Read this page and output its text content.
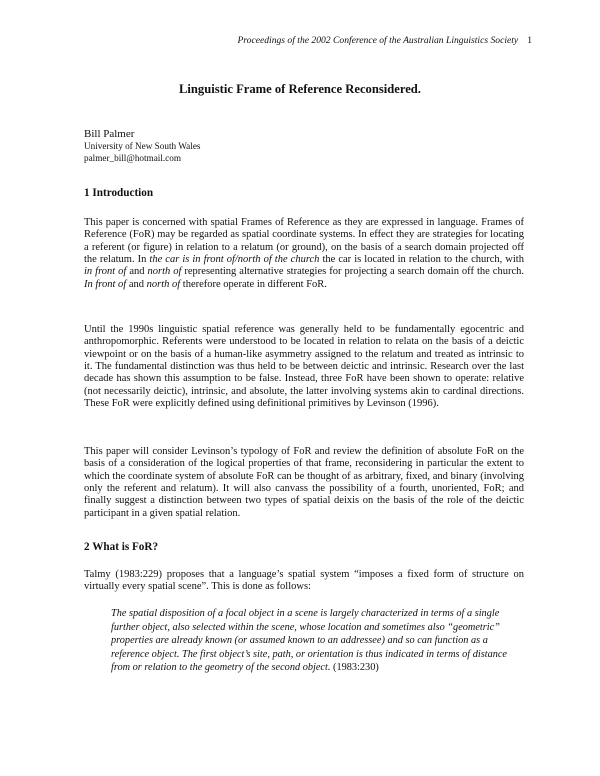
Proceedings of the 2002 Conference of the Australian Linguistics Society 1
Linguistic Frame of Reference Reconsidered.
Bill Palmer
University of New South Wales
palmer_bill@hotmail.com
1 Introduction

This paper is concerned with spatial Frames of Reference as they are expressed in language. Frames of Reference (FoR) may be regarded as spatial coordinate systems. In effect they are strategies for locating a referent (or figure) in relation to a relatum (or ground), on the basis of a search domain projected off the relatum. In the car is in front of/north of the church the car is located in relation to the church, with in front of and north of representing alternative strategies for projecting a search domain off the church. In front of and north of therefore operate in different FoR.

Until the 1990s linguistic spatial reference was generally held to be fundamentally egocentric and anthropomorphic. Referents were understood to be located in relation to relata on the basis of a deictic viewpoint or on the basis of a human-like asymmetry assigned to the relatum and treated as intrinsic to it. The fundamental distinction was thus held to be between deictic and intrinsic. Research over the last decade has shown this assumption to be false. Instead, three FoR have been shown to operate: relative (not necessarily deictic), intrinsic, and absolute, the latter involving systems akin to cardinal directions. These FoR were explicitly defined using definitional primitives by Levinson (1996).

This paper will consider Levinson’s typology of FoR and review the definition of absolute FoR on the basis of a consideration of the logical properties of that frame, reconsidering in particular the extent to which the coordinate system of absolute FoR can be thought of as arbitrary, fixed, and binary (involving only the referent and relatum). It will also canvass the possibility of a fourth, unoriented, FoR; and finally suggest a distinction between two types of spatial deixis on the basis of the role of the deictic participant in a given spatial relation.

2 What is FoR?

Talmy (1983:229) proposes that a language’s spatial system “imposes a fixed form of structure on virtually every spatial scene”. This is done as follows:

The spatial disposition of a focal object in a scene is largely characterized in terms of a single further object, also selected within the scene, whose location and sometimes also “geometric” properties are already known (or assumed known to an addressee) and so can function as a reference object. The first object’s site, path, or orientation is thus indicated in terms of distance from or relation to the geometry of the second object. (1983:230)
